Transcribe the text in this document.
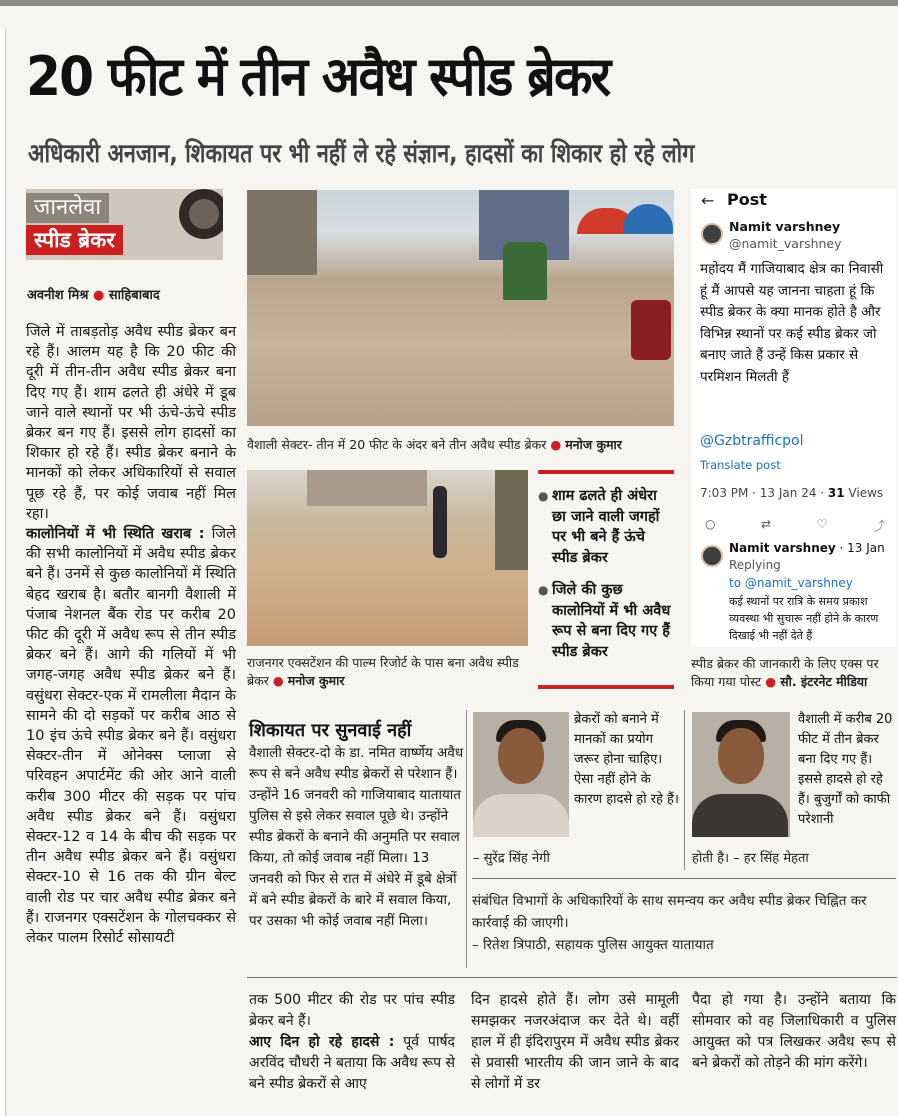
20 फीट में तीन अवैध स्पीड ब्रेकर
अधिकारी अनजान, शिकायत पर भी नहीं ले रहे संज्ञान, हादसों का शिकार हो रहे लोग
जानलेवा
स्पीड ब्रेकर
अवनीश मिश्र ● साहिबाबाद

जिले में ताबड़तोड़ अवैध स्पीड ब्रेकर बन रहे हैं। आलम यह है कि 20 फीट की दूरी में तीन-तीन अवैध स्पीड ब्रेकर बना दिए गए हैं। शाम ढलते ही अंधेरे में डूब जाने वाले स्थानों पर भी ऊंचे-ऊंचे स्पीड ब्रेकर बन गए हैं। इससे लोग हादसों का शिकार हो रहे हैं। स्पीड ब्रेकर बनाने के मानकों को लेकर अधिकारियों से सवाल पूछ रहे हैं, पर कोई जवाब नहीं मिल रहा।

कालोनियों में भी स्थिति खराब : जिले की सभी कालोनियों में अवैध स्पीड ब्रेकर बने हैं। उनमें से कुछ कालोनियों में स्थिति बेहद खराब है। बतौर बानगी वैशाली में पंजाब नेशनल बैंक रोड पर करीब 20 फीट की दूरी में अवैध रूप से तीन स्पीड ब्रेकर बने हैं। आगे की गलियों में भी जगह-जगह अवैध स्पीड ब्रेकर बने हैं। वसुंधरा सेक्टर-एक में रामलीला मैदान के सामने की दो सड़कों पर करीब आठ से 10 इंच ऊंचे स्पीड ब्रेकर बने हैं। वसुंधरा सेक्टर-तीन में ओनेक्स प्लाजा से परिवहन अपार्टमेंट की ओर आने वाली करीब 300 मीटर की सड़क पर पांच अवैध स्पीड ब्रेकर बने हैं। वसुंधरा सेक्टर-12 व 14 के बीच की सड़क पर तीन अवैध स्पीड ब्रेकर बने हैं। वसुंधरा सेक्टर-10 से 16 तक की ग्रीन बेल्ट वाली रोड पर चार अवैध स्पीड ब्रेकर बने हैं। राजनगर एक्सटेंशन के गोलचक्कर से लेकर पालम रिसोर्ट सोसायटी

वैशाली सेक्टर- तीन में 20 फीट के अंदर बने तीन अवैध स्पीड ब्रेकर ● मनोज कुमार
राजनगर एक्सटेंशन की पाल्म रिजोर्ट के पास बना अवैध स्पीड ब्रेकर ● मनोज कुमार
● शाम ढलते ही अंधेरा छा जाने वाली जगहों पर भी बने हैं ऊंचे स्पीड ब्रेकर
● जिले की कुछ कालोनियों में भी अवैध रूप से बना दिए गए हैं स्पीड ब्रेकर
← Post
Namit varshney
@namit_varshney
महोदय मैं गाजियाबाद क्षेत्र का निवासी हूं मैं आपसे यह जानना चाहता हूं कि स्पीड ब्रेकर के क्या मानक होते है और विभिन्न स्थानों पर कई स्पीड ब्रेकर जो बनाए जाते हैं उन्हें किस प्रकार से परमिशन मिलती हैं
@Gzbtrafficpol
Translate post
7:03 PM · 13 Jan 24 · 31 Views
○	⇄	♡	⤴
Namit varshney · 13 Jan
Replying
to @namit_varshney
कई स्थानों पर रात्रि के समय प्रकाश व्यवस्था भी सुचारू नहीं होने के कारण दिखाई भी नहीं देते हैं
स्पीड ब्रेकर की जानकारी के लिए एक्स पर किया गया पोस्ट ● सौ. इंटरनेट मीडिया
शिकायत पर सुनवाई नहीं
वैशाली सेक्टर-दो के डा. नमित वार्ष्णेय अवैध रूप से बने अवैध स्पीड ब्रेकरों से परेशान हैं। उन्होंने 16 जनवरी को गाजियाबाद यातायात पुलिस से इसे लेकर सवाल पूछे थे। उन्होंने स्पीड ब्रेकरों के बनाने की अनुमति पर सवाल किया, तो कोई जवाब नहीं मिला। 13 जनवरी को फिर से रात में अंधेरे में डूबे क्षेत्रों में बने स्पीड ब्रेकरों के बारे में सवाल किया, पर उसका भी कोई जवाब नहीं मिला।
ब्रेकरों को बनाने में मानकों का प्रयोग जरूर होना चाहिए। ऐसा नहीं होने के कारण हादसे हो रहे हैं।
– सुरेंद्र सिंह नेगी
वैशाली में करीब 20 फीट में तीन ब्रेकर बना दिए गए हैं। इससे हादसे हो रहे हैं। बुजुर्गों को काफी परेशानी
होती है। – हर सिंह मेहता
संबंधित विभागों के अधिकारियों के साथ समन्वय कर अवैध स्पीड ब्रेकर चिह्नित कर कार्रवाई की जाएगी।
– रितेश त्रिपाठी, सहायक पुलिस आयुक्त यातायात
तक 500 मीटर की रोड पर पांच स्पीड ब्रेकर बने हैं।
आए दिन हो रहे हादसे : पूर्व पार्षद अरविंद चौधरी ने बताया कि अवैध रूप से बने स्पीड ब्रेकरों से आए
दिन हादसे होते हैं। लोग उसे मामूली समझकर नजरअंदाज कर देते थे। वहीं हाल में ही इंदिरापुरम में अवैध स्पीड ब्रेकर से प्रवासी भारतीय की जान जाने के बाद से लोगों में डर
पैदा हो गया है। उन्होंने बताया कि सोमवार को वह जिलाधिकारी व पुलिस आयुक्त को पत्र लिखकर अवैध रूप से बने ब्रेकरों को तोड़ने की मांग करेंगे।
